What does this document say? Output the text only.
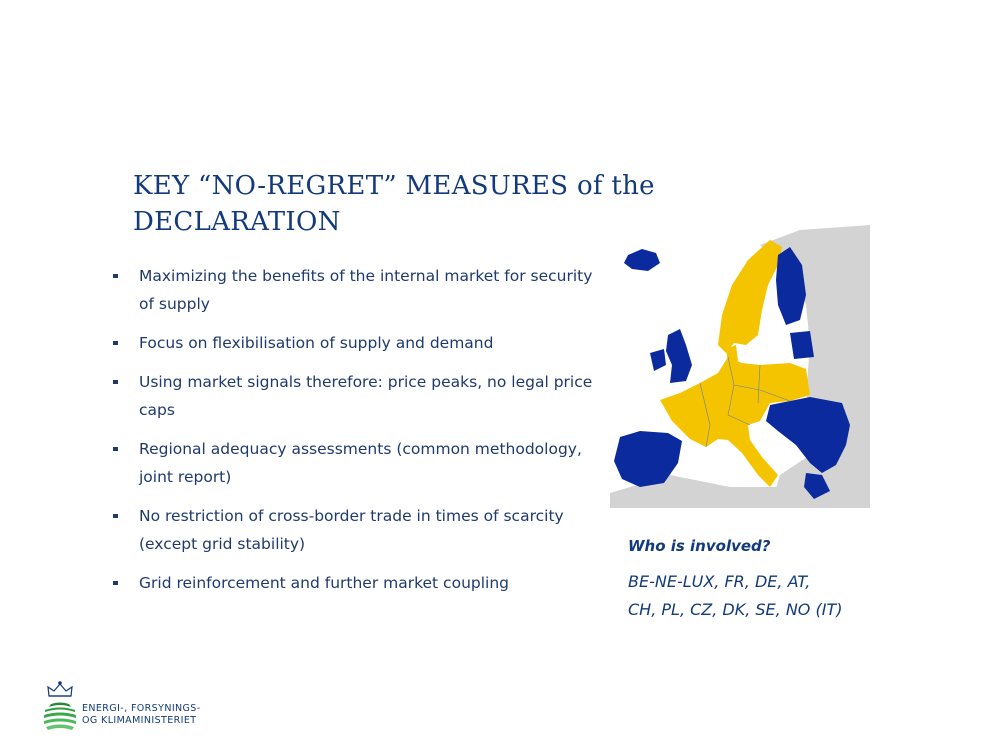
KEY “NO-REGRET” MEASURES of the DECLARATION
Maximizing the benefits of the internal market for security of supply
Focus on flexibilisation of supply and demand
Using market signals therefore: price peaks, no legal price caps
Regional adequacy assessments (common methodology, joint report)
No restriction of cross-border trade in times of scarcity (except grid stability)
Grid reinforcement and further market coupling
Who is involved?
BE-NE-LUX, FR, DE, AT,
CH, PL, CZ, DK, SE, NO (IT)
ENERGI-, FORSYNINGS-
OG KLIMAMINISTERIET
